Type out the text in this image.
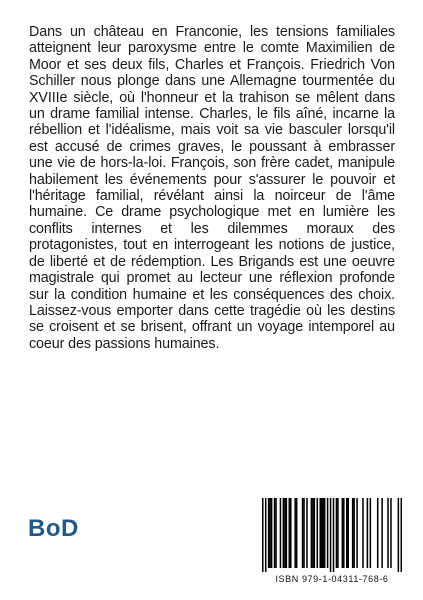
Dans un château en Franconie, les tensions familiales atteignent leur paroxysme entre le comte Maximilien de Moor et ses deux fils, Charles et François. Friedrich Von Schiller nous plonge dans une Allemagne tourmentée du XVIIIe siècle, où l'honneur et la trahison se mêlent dans un drame familial intense. Charles, le fils aîné, incarne la rébellion et l'idéalisme, mais voit sa vie basculer lorsqu'il est accusé de crimes graves, le poussant à embrasser une vie de hors-la-loi. François, son frère cadet, manipule habilement les événements pour s'assurer le pouvoir et l'héritage familial, révélant ainsi la noirceur de l'âme humaine. Ce drame psychologique met en lumière les conflits internes et les dilemmes moraux des protagonistes, tout en interrogeant les notions de justice, de liberté et de rédemption. Les Brigands est une oeuvre magistrale qui promet au lecteur une réflexion profonde sur la condition humaine et les conséquences des choix. Laissez-vous emporter dans cette tragédie où les destins se croisent et se brisent, offrant un voyage intemporel au coeur des passions humaines.

BoD
ISBN 979-1-04311-768-6
